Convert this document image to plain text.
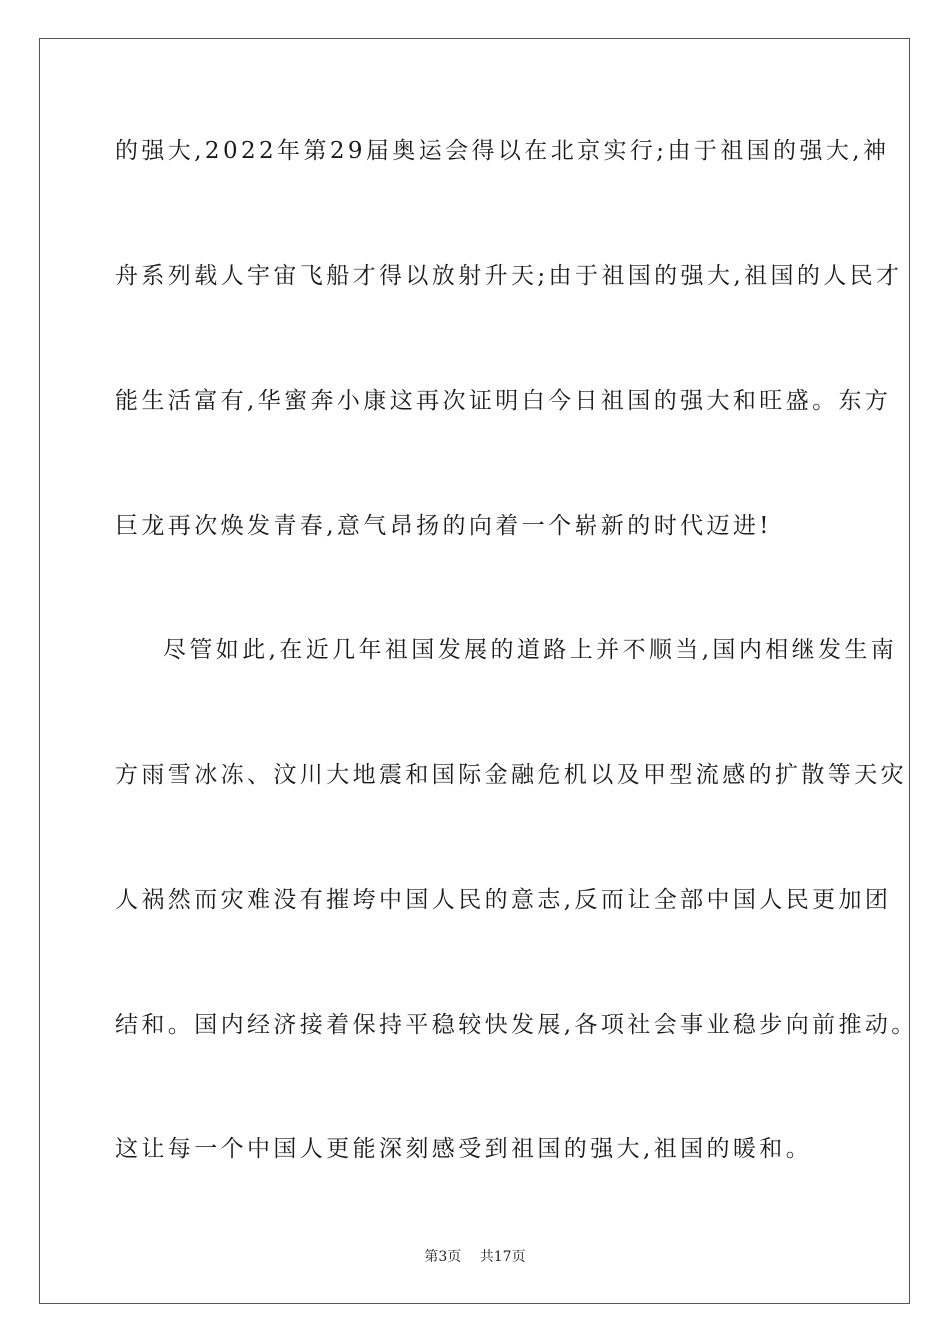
的强大,2022年第29届奥运会得以在北京实行;由于祖国的强大,神
舟系列载人宇宙飞船才得以放射升天;由于祖国的强大,祖国的人民才
能生活富有,华蜜奔小康这再次证明白今日祖国的强大和旺盛。东方
巨龙再次焕发青春,意气昂扬的向着一个崭新的时代迈进!
尽管如此,在近几年祖国发展的道路上并不顺当,国内相继发生南
方雨雪冰冻、汶川大地震和国际金融危机以及甲型流感的扩散等天灾
人祸然而灾难没有摧垮中国人民的意志,反而让全部中国人民更加团
结和。国内经济接着保持平稳较快发展,各项社会事业稳步向前推动。
这让每一个中国人更能深刻感受到祖国的强大,祖国的暖和。
第3页 共17页
